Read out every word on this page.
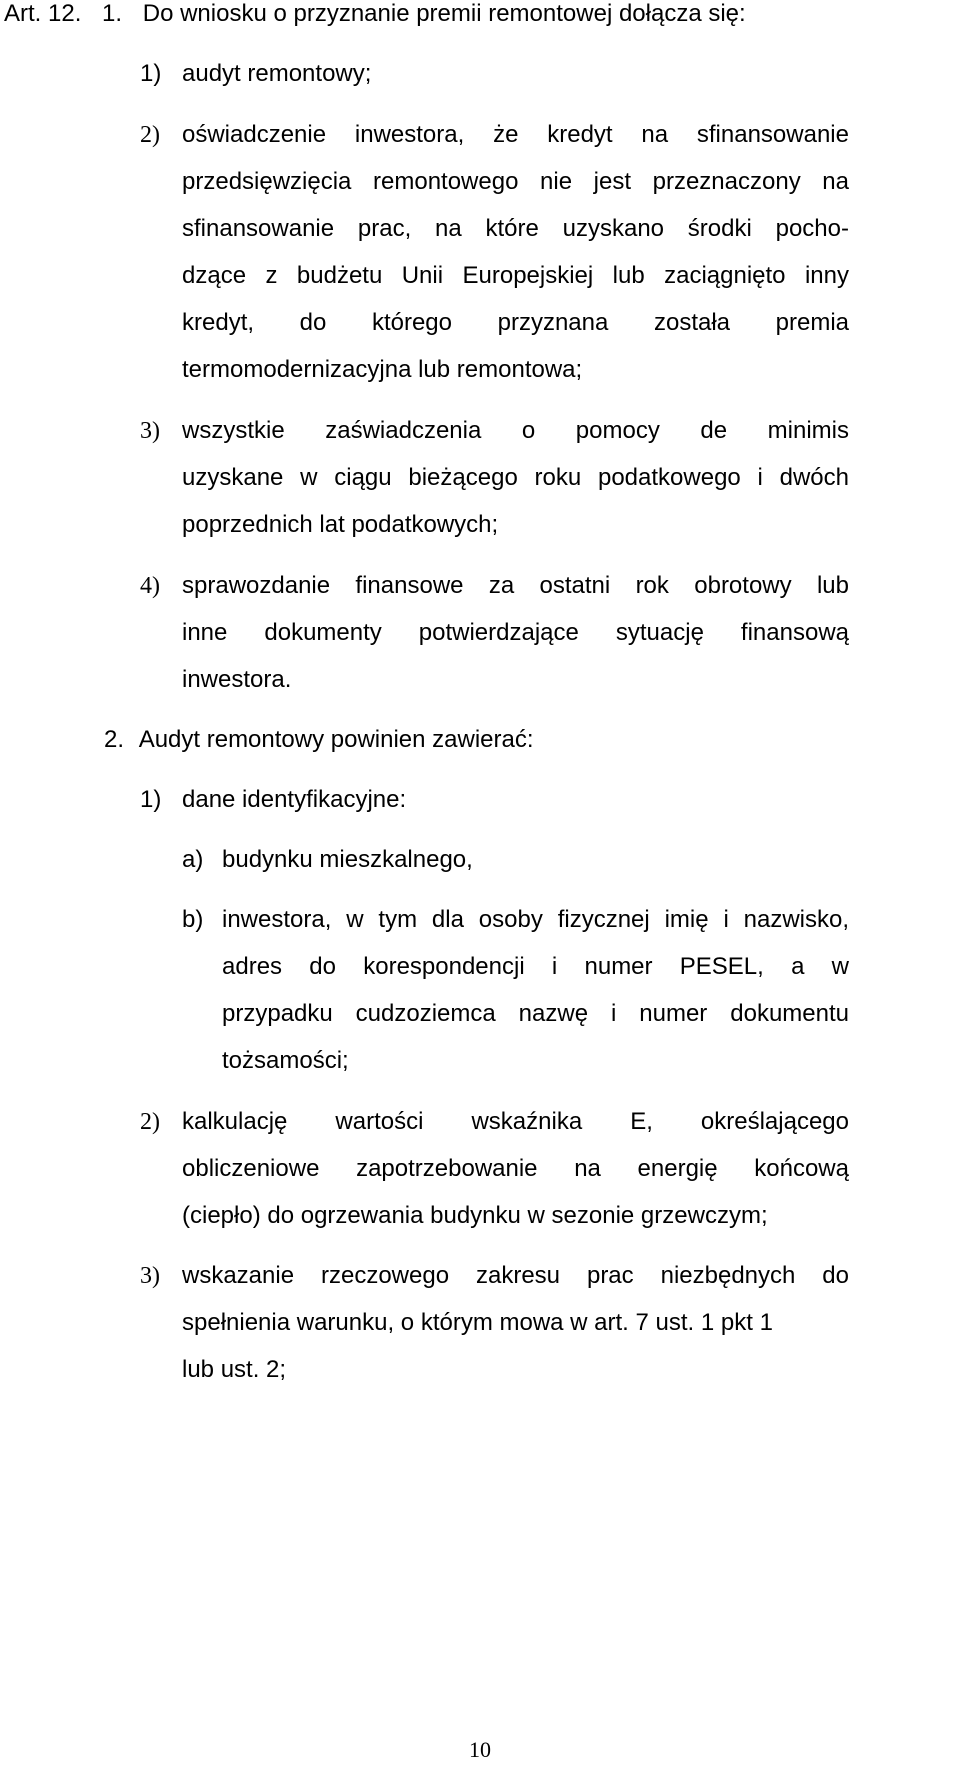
Art. 12. 1. Do wniosku o przyznanie premii remontowej dołącza się:
1) audyt remontowy;
2) oświadczenie inwestora, że kredyt na sfinansowanie
przedsięwzięcia remontowego nie jest przeznaczony na
sfinansowanie prac, na które uzyskano środki pocho-
dzące z budżetu Unii Europejskiej lub zaciągnięto inny
kredyt, do którego przyznana została premia
termomodernizacyjna lub remontowa;
3) wszystkie zaświadczenia o pomocy de minimis
uzyskane w ciągu bieżącego roku podatkowego i dwóch
poprzednich lat podatkowych;
4) sprawozdanie finansowe za ostatni rok obrotowy lub
inne dokumenty potwierdzające sytuację finansową
inwestora.
2. Audyt remontowy powinien zawierać:
1) dane identyfikacyjne:
a) budynku mieszkalnego,
b) inwestora, w tym dla osoby fizycznej imię i nazwisko,
adres do korespondencji i numer PESEL, a w
przypadku cudzoziemca nazwę i numer dokumentu
tożsamości;
2) kalkulację wartości wskaźnika E, określającego
obliczeniowe zapotrzebowanie na energię końcową
(ciepło) do ogrzewania budynku w sezonie grzewczym;
3) wskazanie rzeczowego zakresu prac niezbędnych do
spełnienia warunku, o którym mowa w art. 7 ust. 1 pkt 1
lub ust. 2;
10
